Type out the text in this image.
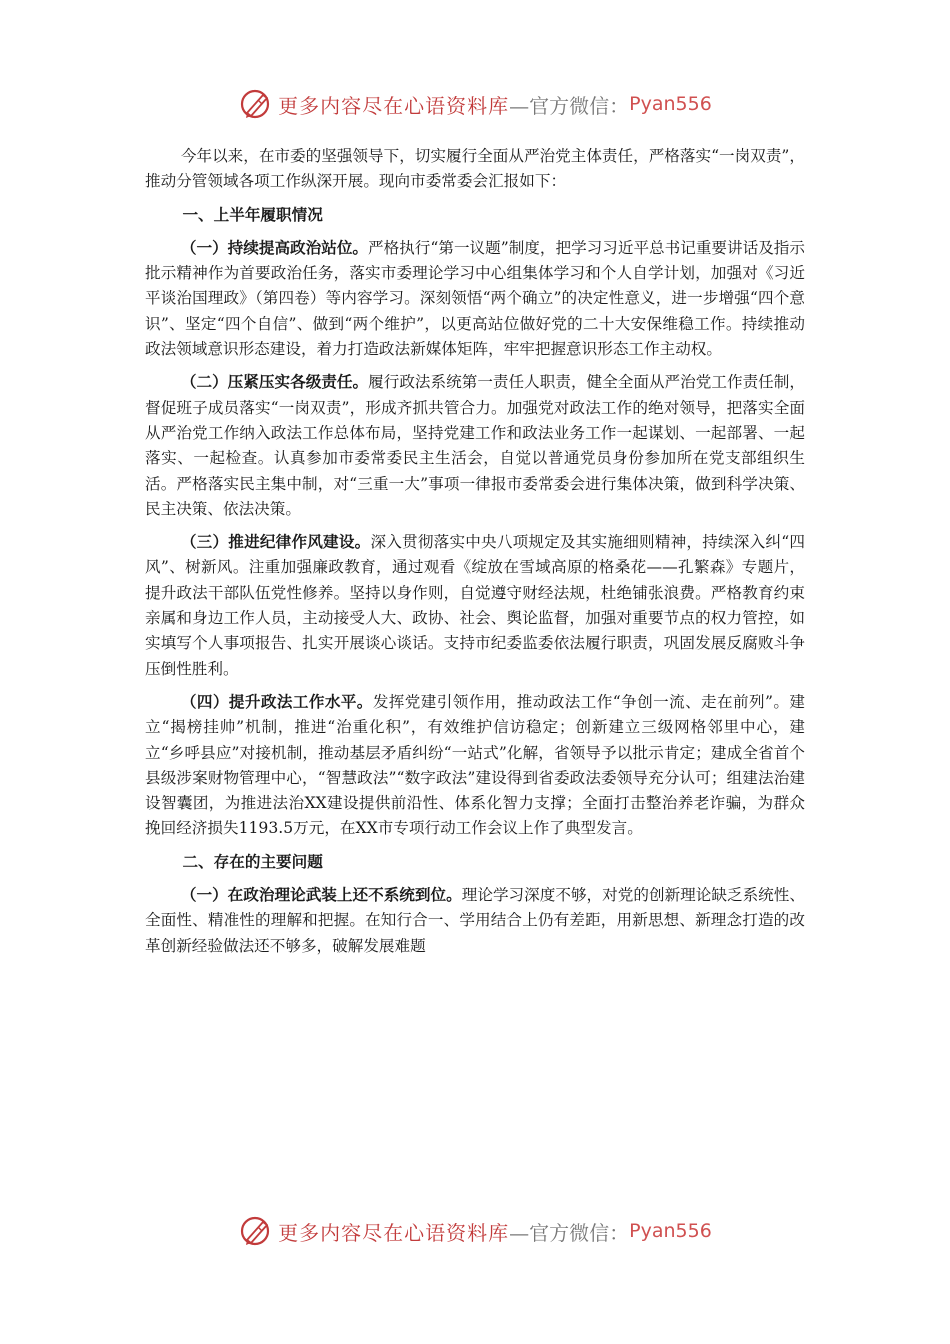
更多内容尽在心语资料库 —官方微信： Pyan556

今年以来，在市委的坚强领导下，切实履行全面从严治党主体责任，严格落实“一岗双责”，推动分管领域各项工作纵深开展。现向市委常委会汇报如下：

一、上半年履职情况

（一）持续提高政治站位。严格执行“第一议题”制度，把学习习近平总书记重要讲话及指示批示精神作为首要政治任务，落实市委理论学习中心组集体学习和个人自学计划，加强对《习近平谈治国理政》（第四卷）等内容学习。深刻领悟“两个确立”的决定性意义，进一步增强“四个意识”、坚定“四个自信”、做到“两个维护”，以更高站位做好党的二十大安保维稳工作。持续推动政法领域意识形态建设，着力打造政法新媒体矩阵，牢牢把握意识形态工作主动权。

（二）压紧压实各级责任。履行政法系统第一责任人职责，健全全面从严治党工作责任制，督促班子成员落实“一岗双责”，形成齐抓共管合力。加强党对政法工作的绝对领导，把落实全面从严治党工作纳入政法工作总体布局，坚持党建工作和政法业务工作一起谋划、一起部署、一起落实、一起检查。认真参加市委常委民主生活会，自觉以普通党员身份参加所在党支部组织生活。严格落实民主集中制，对“三重一大”事项一律报市委常委会进行集体决策，做到科学决策、民主决策、依法决策。

（三）推进纪律作风建设。深入贯彻落实中央八项规定及其实施细则精神，持续深入纠“四风”、树新风。注重加强廉政教育，通过观看《绽放在雪域高原的格桑花——孔繁森》专题片，提升政法干部队伍党性修养。坚持以身作则，自觉遵守财经法规，杜绝铺张浪费。严格教育约束亲属和身边工作人员，主动接受人大、政协、社会、舆论监督，加强对重要节点的权力管控，如实填写个人事项报告、扎实开展谈心谈话。支持市纪委监委依法履行职责，巩固发展反腐败斗争压倒性胜利。

（四）提升政法工作水平。发挥党建引领作用，推动政法工作“争创一流、走在前列”。建立“揭榜挂帅”机制，推进“治重化积”，有效维护信访稳定；创新建立三级网格邻里中心，建立“乡呼县应”对接机制，推动基层矛盾纠纷“一站式”化解，省领导予以批示肯定；建成全省首个县级涉案财物管理中心，“智慧政法”“数字政法”建设得到省委政法委领导充分认可；组建法治建设智囊团，为推进法治XX建设提供前沿性、体系化智力支撑；全面打击整治养老诈骗，为群众挽回经济损失1193.5万元，在XX市专项行动工作会议上作了典型发言。

二、存在的主要问题

（一）在政治理论武装上还不系统到位。理论学习深度不够，对党的创新理论缺乏系统性、全面性、精准性的理解和把握。在知行合一、学用结合上仍有差距，用新思想、新理念打造的改革创新经验做法还不够多，破解发展难题

更多内容尽在心语资料库 —官方微信： Pyan556
